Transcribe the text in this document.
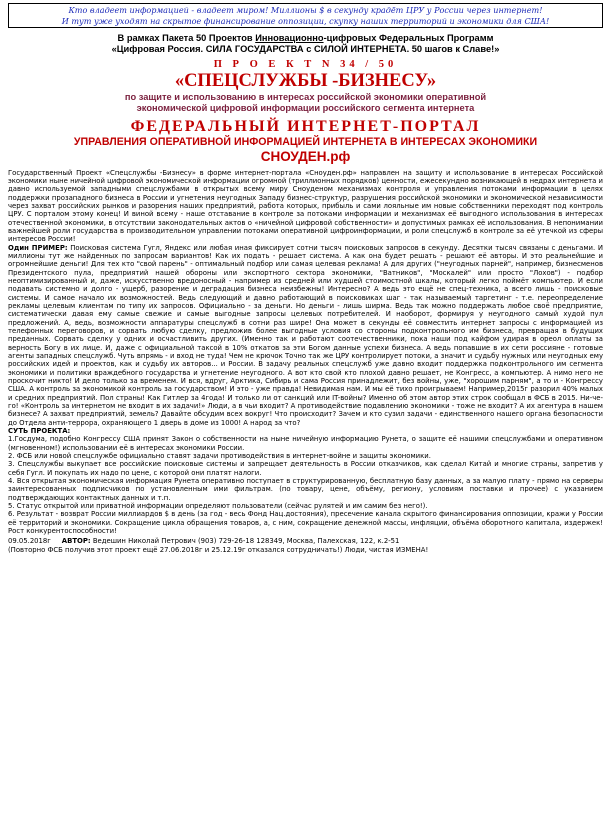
Кто владеет информацией - владеет миром! Миллионы $ в секунду крадёт ЦРУ у России через интернет!
И тут уже уходят на скрытое финансирование оппозиции, скупку наших территорий и экономики для США!
В рамках Пакета 50 Проектов Инновационно-цифровых Федеральных Программ
«Цифровая Россия. СИЛА ГОСУДАРСТВА с СИЛОЙ ИНТЕРНЕТА. 50 шагов к Славе!»
П Р О Е К Т N 34 / 50
«СПЕЦСЛУЖБЫ -БИЗНЕСУ»
по защите и использованию в интересах российской экономики оперативной
экономической цифровой информации российского сегмента интернета
ФЕДЕРАЛЬНЫЙ ИНТЕРНЕТ-ПОРТАЛ
УПРАВЛЕНИЯ ОПЕРАТИВНОЙ ИНФОРМАЦИЕЙ ИНТЕРНЕТА В ИНТЕРЕСАХ ЭКОНОМИКИ
СНОУДЕН.рф

Государственный Проект «Спецслужбы -Бизнесу» в форме интернет-портала «Сноуден.рф» направлен на защиту и использование в интересах Российской экономики ныне ничейной цифровой экономической информации огромной (триллионных порядков) ценности, ежесекундно возникающей в недрах интернета и давно используемой западными спецслужбами в открытых всему миру Сноуденом механизмах контроля и управления потоками информации в целях поддержки прозападного бизнеса в России и угнетения неугодных Западу бизнес-структур, разрушения российской экономики и экономической независимости через захват российских рынков и разорения наших предприятий, работа которых, прибыль и сами лояльные им новые собственники переходят под контроль ЦРУ. С порталом этому конец! И виной всему - наше отставание в контроле за потоками информации и механизмах её выгодного использования в интересах отечественной экономики, в отсутствии законодательных актов о «ничейной цифровой собственности» и допустимых рамках её использования. В непонимании важнейшей роли государства в производительном управлении потоками оперативной цифроинформации, и роли спецслужб в контроле за её утечкой из сферы интересов России!

Один ПРИМЕР: Поисковая система Гугл, Яндекс или любая иная фиксирует сотни тысяч поисковых запросов в секунду. Десятки тысяч связаны с деньгами. И миллионы тут же найденных по запросам вариантов! Как их подать - решает система. А как она будет решать - решают её авторы. И это реальнейшие и огромнейшие деньги! Для тех кто "свой парень" - оптимальный подбор или самая целевая реклама! А для других ("неугодных парней", например, бизнесменов Президентского пула, предприятий нашей обороны или экспортного сектора экономики, "Ватников", "Москалей" или просто "Лохов") - подбор неоптимизированный и, даже, искусственно вредоносный - например из средней или худшей стоимостной шкалы, который легко поймёт компьютер. И если подавать системно и долго - ущерб, разорение и деградация бизнеса неизбежны! Интересно? А ведь это ещё не спец-техника, а всего лишь - поисковые системы. И самое начало их возможностей. Ведь следующий и давно работающий в поисковиках шаг - так называемый таргетинг - т.е. переопределение рекламы целевым клиентам по типу их запросов. Официально - за деньги. Но деньги - лишь ширма. Ведь так можно поддержать любое своё предприятие, систематически давая ему самые свежие и самые выгодные запросы целевых потребителей. И наоборот, формируя у неугодного самый худой пул предложений. А, ведь, возможности аппаратуры спецслужб в сотни раз шире! Она может в секунды её совместить интернет запросы с информацией из телефонных переговоров, и сорвать любую сделку, предложив более выгодные условия со стороны подконтрольного им бизнеса, превращая в будущих преданных. Сорвать сделку у одних и осчастливить других. (Именно так и работают соотечественники, пока наши под кайфом удирая в ореол оплаты за верность Богу в их лице. И, даже с официальной таксой в 10% откатов за эти Богом данные успехи бизнеса. А ведь попавшие в их сети россияне - готовые агенты западных спецслужб. Чуть впрямь - и вход не туда! Чем не крючок Точно так же ЦРУ контролирует потоки, а значит и судьбу нужных или неугодных ему российских идей и проектов, как и судьбу их авторов... и России. В задачу реальных спецслужб уже давно входит поддержка подконтрольного им сегмента экономики и политики враждебного государства и угнетение неугодного. А вот кто свой кто плохой давно решает, не Конгресс, а компьютер. А нимо него не проскочит никто! И дело только за временем. И вся, вдруг, Арктика, Сибирь и сама Россия принадлежит, без войны, уже, "хорошим парням", а то и - Конгрессу США. А контроль за экономикой контроль за государством! И это - уже правда! Невидимая нам. И мы её тихо проигрываем! Например,2015г разорил 40% малых и средних предприятий. Пол страны! Как Гитлер за 4года! И только ли от санкций или IT-войны? Именно об этом автор этих строк сообщал в ФСБ в 2015. Ни-че-го! «Контроль за интернетом не входит в их задачи!» Люди, а в чьи входит? А противодействие подавлению экономики - тоже не входит? А их агентура в нашем бизнесе? А захват предприятий, земель? Давайте обсудим всех вокруг! Что происходит? Зачем и кто сузил задачи - единственного нашего органа безопасности до Отдела анти-террора, охраняющего 1 дверь в доме из 1000! А народ за что?

СУТЬ ПРОЕКТА:

1.Госдума, подобно Конгрессу США принят Закон о собственности на ныне ничейную информацию Рунета, о защите её нашими спецслужбами и оперативном (мгновенном!) использовании её в интересах экономики России.

2. ФСБ или новой спецслужбе официально ставят задачи противодействия в интернет-войне и защиты экономики.

3. Спецслужбы выкупает все российские поисковые системы и запрещает деятельность в России отказчиков, как сделал Китай и многие страны, запретив у себя Гугл. И покупать их надо по цене, с которой они платят налоги.

4. Вся открытая экономическая информация Рунета оперативно поступает в структурированную, бесплатную базу данных, а за малую плату - прямо на серверы заинтересованных подписчиков по установленным ими фильтрам. (по товару, цене, объёму, региону, условиям поставки и прочее) с указанием подтверждающих контактных данных и т.п.

5. Статус открытой или приватной информации определяют пользователи (сейчас рулятей и им самим без него!).

6. Результат - возврат России миллиардов $ в день (за год - весь Фонд Нац.достояния), пресечение канала скрытого финансирования оппозиции, кражи у России её территорий и экономики. Сокращение цикла обращения товаров, а, с ним, сокращение денежной массы, инфляции, объёма оборотного капитала, издержек! Рост конкурентоспособности!

09.05.2018г АВТОР: Ведешин Николай Петрович (903) 729-26-18 128349, Москва, Палехская, 122, к.2-51
(Повторно ФСБ получив этот проект ещё 27.06.2018г и 25.12.19г отказался сотрудничать!) Люди, чистая ИЗМЕНА!
